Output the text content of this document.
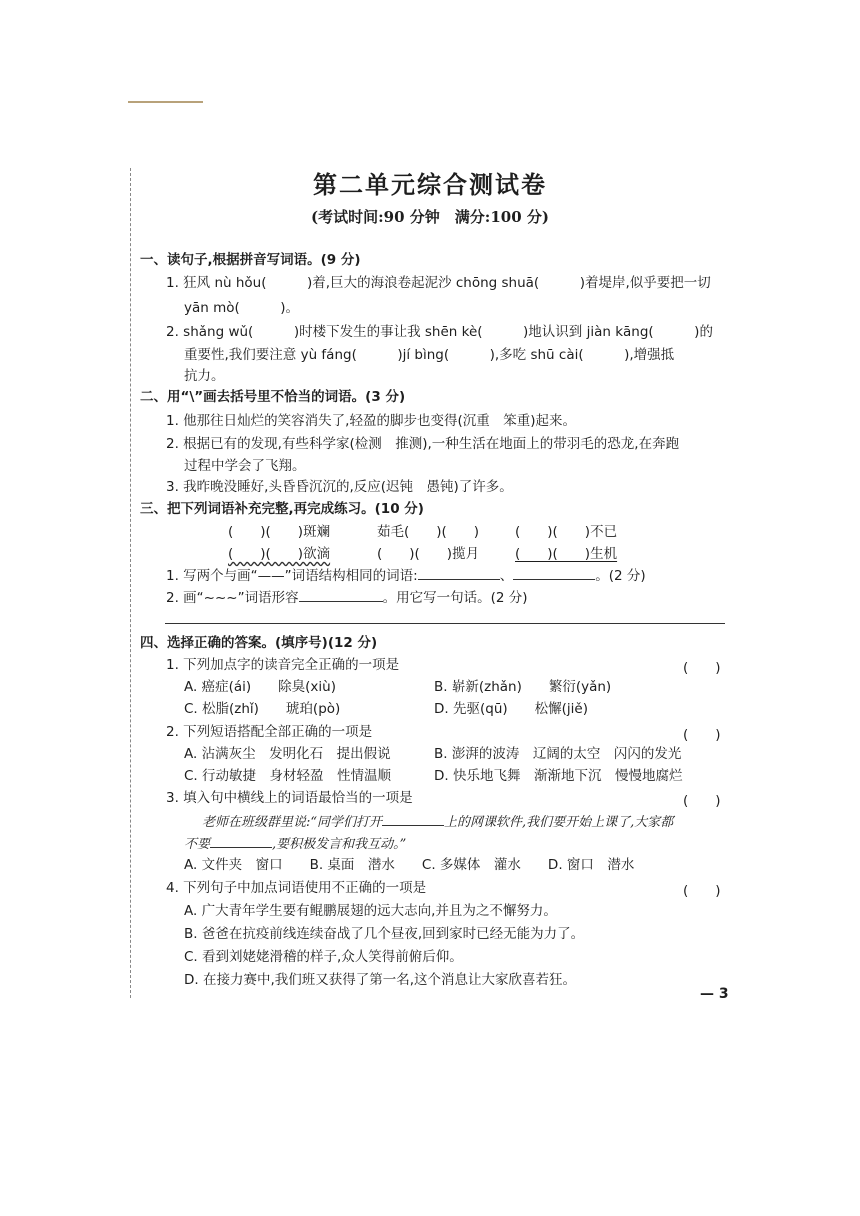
第二单元综合测试卷
(考试时间:90 分钟　满分:100 分)
一、读句子,根据拼音写词语。(9 分)
1. 狂风 nù hǒu(　　　)着,巨大的海浪卷起泥沙 chōng shuā(　　　)着堤岸,似乎要把一切
yān mò(　　　)。
2. shǎng wǔ(　　　)时楼下发生的事让我 shēn kè(　　　)地认识到 jiàn kāng(　　　)的
重要性,我们要注意 yù fáng(　　　)jí bìng(　　　),多吃 shū cài(　　　),增强抵
抗力。
二、用“\”画去括号里不恰当的词语。(3 分)
1. 他那往日灿烂的笑容消失了,轻盈的脚步也变得(沉重　笨重)起来。
2. 根据已有的发现,有些科学家(检测　推测),一种生活在地面上的带羽毛的恐龙,在奔跑
过程中学会了飞翔。
3. 我昨晚没睡好,头昏昏沉沉的,反应(迟钝　愚钝)了许多。
三、把下列词语补充完整,再完成练习。(10 分)
(　　)(　　)斑斓	茹毛(　　)(　　)	(　　)(　　)不已
(　　)(　　)欲滴	(　　)(　　)揽月	(　　)(　　)生机
1. 写两个与画“——”词语结构相同的词语:	、	。(2 分)
2. 画“~~~”词语形容	。用它写一句话。(2 分)
四、选择正确的答案。(填序号)(12 分)
1. 下列加点字的读音完全正确的一项是	(　　)
A. 癌症(ái)　　除臭(xiù)	B. 崭新(zhǎn)　　繁衍(yǎn)
C. 松脂(zhǐ)　　琥珀(pò)	D. 先驱(qū)　　松懈(jiě)
2. 下列短语搭配全部正确的一项是	(　　)
A. 沾满灰尘　发明化石　提出假说	B. 澎湃的波涛　辽阔的太空　闪闪的发光
C. 行动敏捷　身材轻盈　性情温顺	D. 快乐地飞舞　渐渐地下沉　慢慢地腐烂
3. 填入句中横线上的词语最恰当的一项是	(　　)
老师在班级群里说:“同学们打开	上的网课软件,我们要开始上课了,大家都
不要	,要积极发言和我互动。”
A. 文件夹　窗口　　B. 桌面　潜水　　C. 多媒体　灌水　　D. 窗口　潜水
4. 下列句子中加点词语使用不正确的一项是	(　　)
A. 广大青年学生要有鲲鹏展翅的远大志向,并且为之不懈努力。
B. 爸爸在抗疫前线连续奋战了几个昼夜,回到家时已经无能为力了。
C. 看到刘姥姥滑稽的样子,众人笑得前俯后仰。
D. 在接力赛中,我们班又获得了第一名,这个消息让大家欣喜若狂。
— 3
